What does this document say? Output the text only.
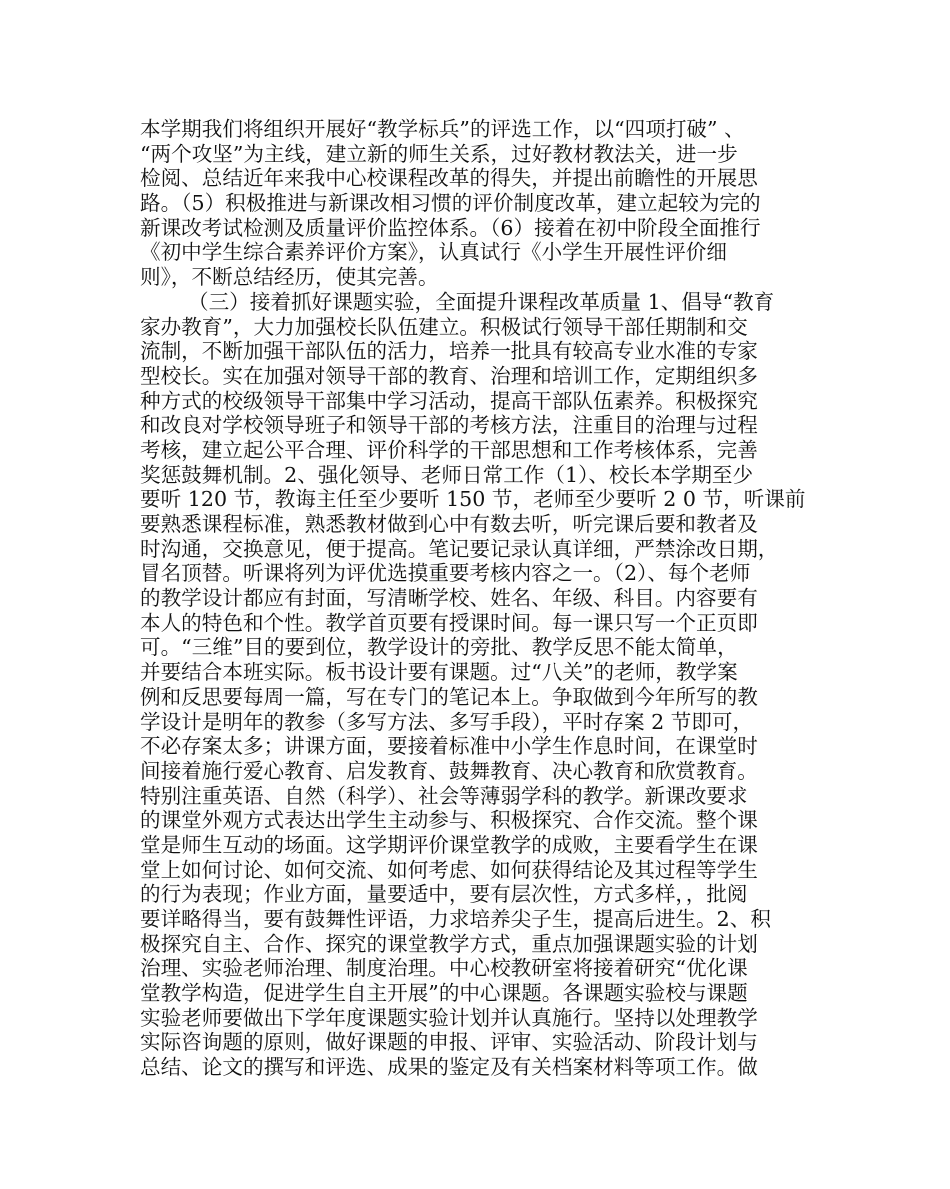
本学期我们将组织开展好“教学标兵”的评选工作，以“四项打破” 、
“两个攻坚”为主线，建立新的师生关系，过好教材教法关，进一步
检阅、总结近年来我中心校课程改革的得失，并提出前瞻性的开展思
路。（5）积极推进与新课改相习惯的评价制度改革，建立起较为完的
新课改考试检测及质量评价监控体系。（6）接着在初中阶段全面推行
《初中学生综合素养评价方案》，认真试行《小学生开展性评价细
则》，不断总结经历，使其完善。
（三）接着抓好课题实验，全面提升课程改革质量 1、倡导“教育
家办教育”，大力加强校长队伍建立。积极试行领导干部任期制和交
流制，不断加强干部队伍的活力，培养一批具有较高专业水准的专家
型校长。实在加强对领导干部的教育、治理和培训工作，定期组织多
种方式的校级领导干部集中学习活动，提高干部队伍素养。积极探究
和改良对学校领导班子和领导干部的考核方法，注重目的治理与过程
考核，建立起公平合理、评价科学的干部思想和工作考核体系，完善
奖惩鼓舞机制。2、强化领导、老师日常工作（1）、校长本学期至少
要听 120 节，教诲主任至少要听 150 节，老师至少要听 2 0 节，听课前
要熟悉课程标准，熟悉教材做到心中有数去听，听完课后要和教者及
时沟通，交换意见，便于提高。笔记要记录认真详细，严禁涂改日期，
冒名顶替。听课将列为评优选摸重要考核内容之一。（2）、每个老师
的教学设计都应有封面，写清晰学校、姓名、年级、科目。内容要有
本人的特色和个性。教学首页要有授课时间。每一课只写一个正页即
可。“三维”目的要到位，教学设计的旁批、教学反思不能太简单，
并要结合本班实际。板书设计要有课题。过“八关”的老师，教学案
例和反思要每周一篇，写在专门的笔记本上。争取做到今年所写的教
学设计是明年的教参（多写方法、多写手段），平时存案 2 节即可，
不必存案太多；讲课方面，要接着标准中小学生作息时间，在课堂时
间接着施行爱心教育、启发教育、鼓舞教育、决心教育和欣赏教育。
特别注重英语、自然（科学）、社会等薄弱学科的教学。新课改要求
的课堂外观方式表达出学生主动参与、积极探究、合作交流。整个课
堂是师生互动的场面。这学期评价课堂教学的成败，主要看学生在课
堂上如何讨论、如何交流、如何考虑、如何获得结论及其过程等学生
的行为表现；作业方面，量要适中，要有层次性，方式多样，，批阅
要详略得当，要有鼓舞性评语，力求培养尖子生，提高后进生。2、积
极探究自主、合作、探究的课堂教学方式，重点加强课题实验的计划
治理、实验老师治理、制度治理。中心校教研室将接着研究“优化课
堂教学构造，促进学生自主开展”的中心课题。各课题实验校与课题
实验老师要做出下学年度课题实验计划并认真施行。坚持以处理教学
实际咨询题的原则，做好课题的申报、评审、实验活动、阶段计划与
总结、论文的撰写和评选、成果的鉴定及有关档案材料等项工作。做
